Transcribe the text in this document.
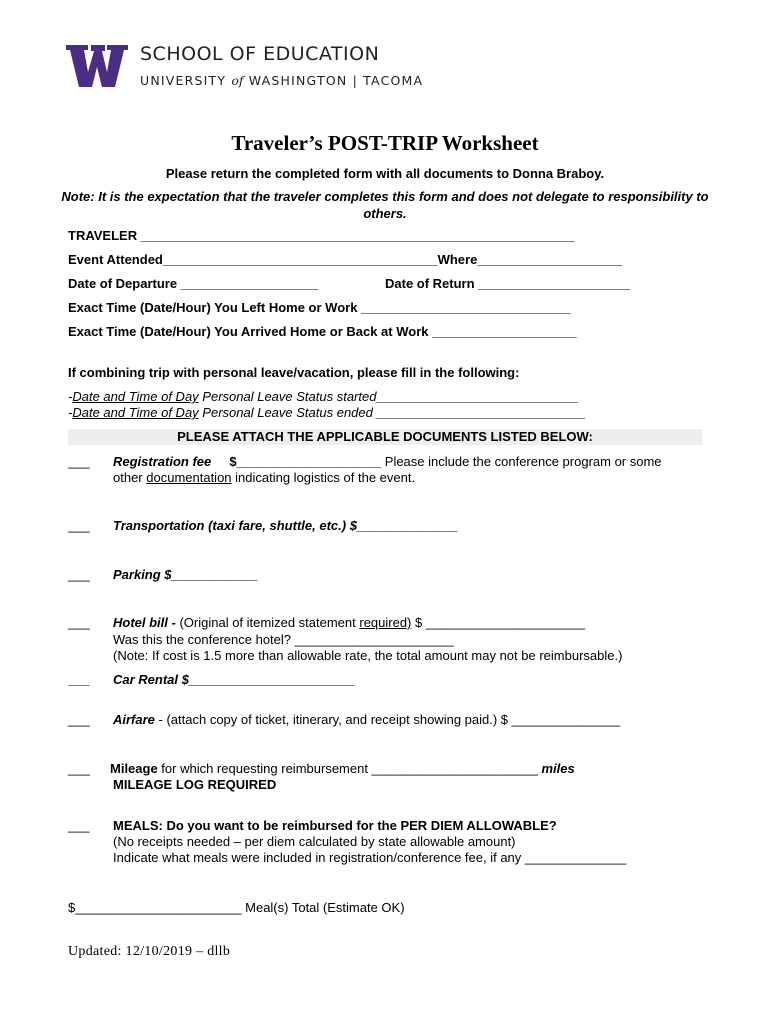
SCHOOL OF EDUCATION
UNIVERSITY of WASHINGTON | TACOMA
Traveler’s POST-TRIP Worksheet
Please return the completed form with all documents to Donna Braboy.
Note: It is the expectation that the traveler completes this form and does not delegate to responsibility to others.
TRAVELER ____________________________________________________________
Event Attended______________________________________Where____________________
Date of Departure ___________________	Date of Return _____________________
Exact Time (Date/Hour) You Left Home or Work _____________________________
Exact Time (Date/Hour) You Arrived Home or Back at Work ____________________
If combining trip with personal leave/vacation, please fill in the following:
-Date and Time of Day Personal Leave Status started____________________________
-Date and Time of Day Personal Leave Status ended _____________________________
PLEASE ATTACH THE APPLICABLE DOCUMENTS LISTED BELOW:
___ Registration fee $____________________ Please include the conference program or some
other documentation indicating logistics of the event.
___ Transportation (taxi fare, shuttle, etc.) $______________
___ Parking $____________
___ Hotel bill - (Original of itemized statement required) $ ______________________
Was this the conference hotel? ______________________
(Note: If cost is 1.5 more than allowable rate, the total amount may not be reimbursable.)
___ Car Rental $_______________________
___ Airfare - (attach copy of ticket, itinerary, and receipt showing paid.) $ _______________
___ Mileage for which requesting reimbursement _______________________ miles
MILEAGE LOG REQUIRED
___ MEALS: Do you want to be reimbursed for the PER DIEM ALLOWABLE?
(No receipts needed – per diem calculated by state allowable amount)
Indicate what meals were included in registration/conference fee, if any ______________
$_______________________ Meal(s) Total (Estimate OK)
Updated: 12/10/2019 – dllb
